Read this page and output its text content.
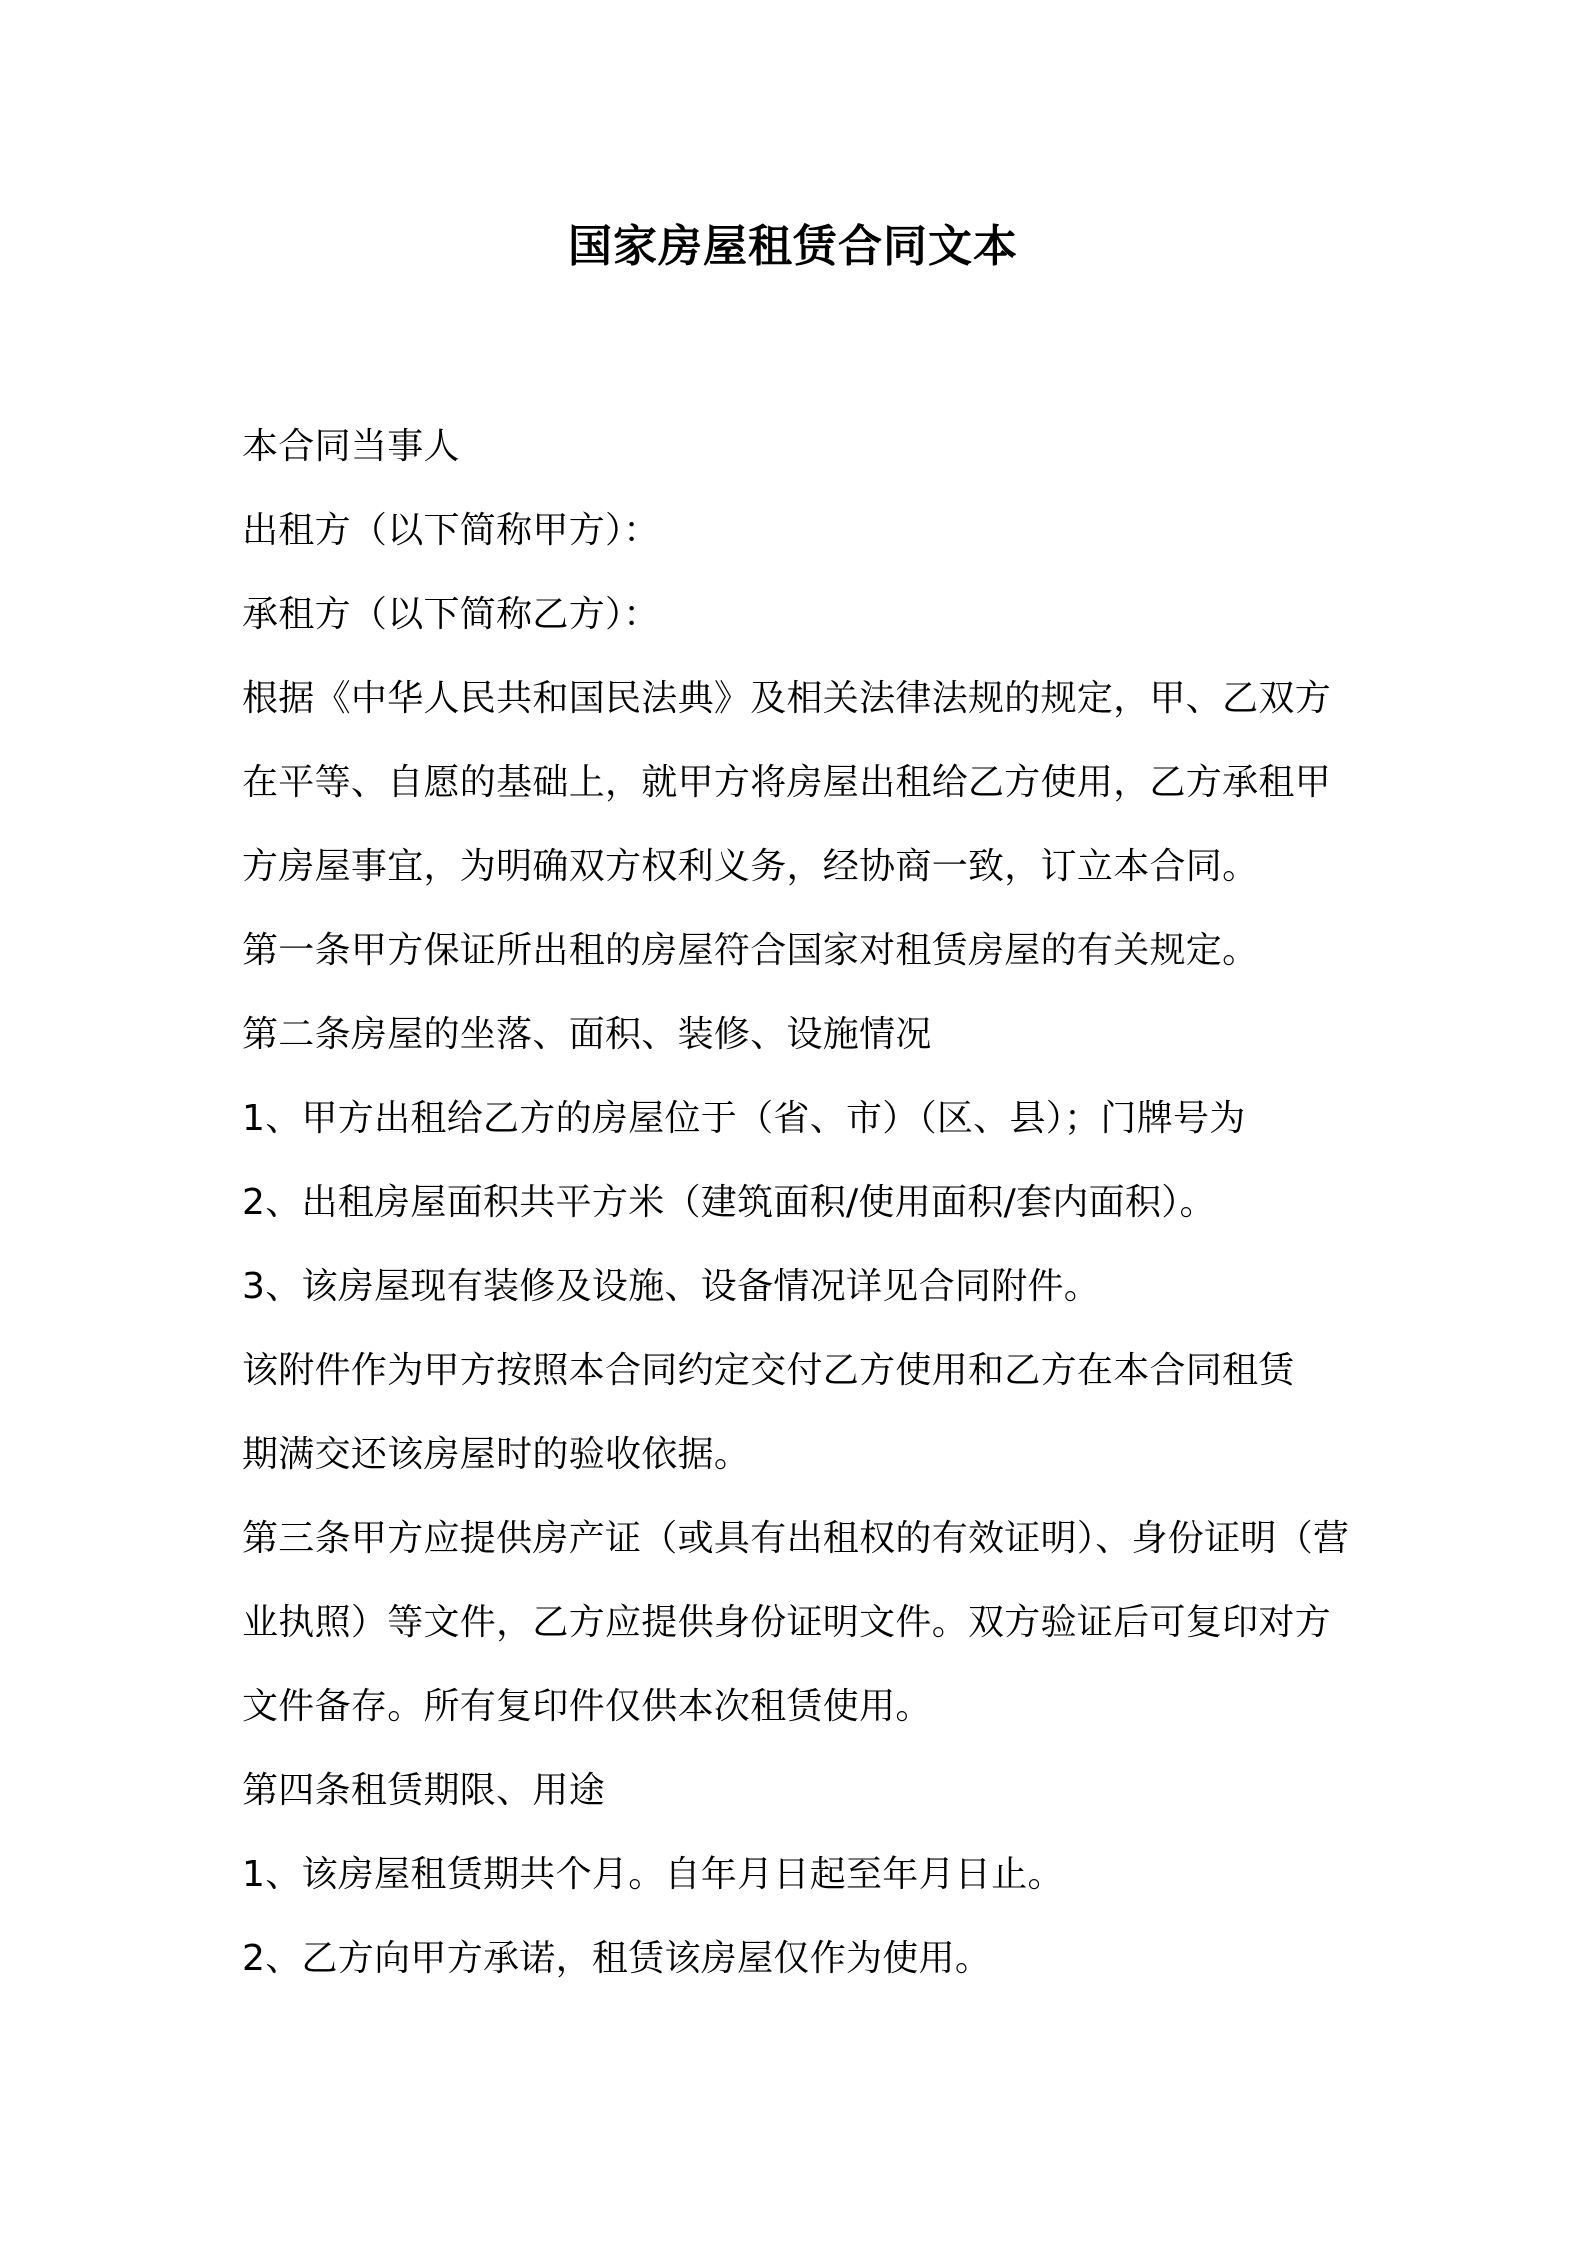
国家房屋租赁合同文本

本合同当事人

出租方（以下简称甲方）：

承租方（以下简称乙方）：

根据《中华人民共和国民法典》及相关法律法规的规定，甲、乙双方

在平等、自愿的基础上，就甲方将房屋出租给乙方使用，乙方承租甲

方房屋事宜，为明确双方权利义务，经协商一致，订立本合同。

第一条甲方保证所出租的房屋符合国家对租赁房屋的有关规定。

第二条房屋的坐落、面积、装修、设施情况

1、甲方出租给乙方的房屋位于（省、市）（区、县）；门牌号为

2、出租房屋面积共平方米（建筑面积/使用面积/套内面积）。

3、该房屋现有装修及设施、设备情况详见合同附件。

该附件作为甲方按照本合同约定交付乙方使用和乙方在本合同租赁

期满交还该房屋时的验收依据。

第三条甲方应提供房产证（或具有出租权的有效证明）、身份证明（营

业执照）等文件，乙方应提供身份证明文件。双方验证后可复印对方

文件备存。所有复印件仅供本次租赁使用。

第四条租赁期限、用途

1、该房屋租赁期共个月。自年月日起至年月日止。

2、乙方向甲方承诺，租赁该房屋仅作为使用。
